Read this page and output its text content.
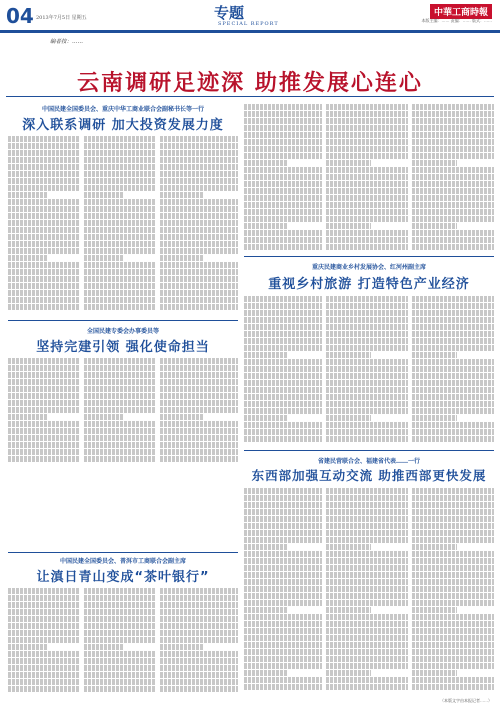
04 2013年7月5日 星期五	专题
SPECIAL REPORT
中華工商時報
本版主编：…… 责编：…… 版式：……
编者按：……
云南调研足迹深 助推发展心连心
中国民建全国委员会、重庆中华工商业联合会副秘书长等一行
深入联系调研 加大投资发展力度
全国民建专委会办事委员等
坚持完建引领 强化使命担当
中国民建全国委员会、普洱市工商联合会副主席
让滇日青山变成“茶叶银行”
重庆民建商业乡村发展协会、红河州副主席
重视乡村旅游 打造特色产业经济
省建民营联合会、福建省代表……一行
东西部加强互动交流 助推西部更快发展
（本版文字由本报记者……）
